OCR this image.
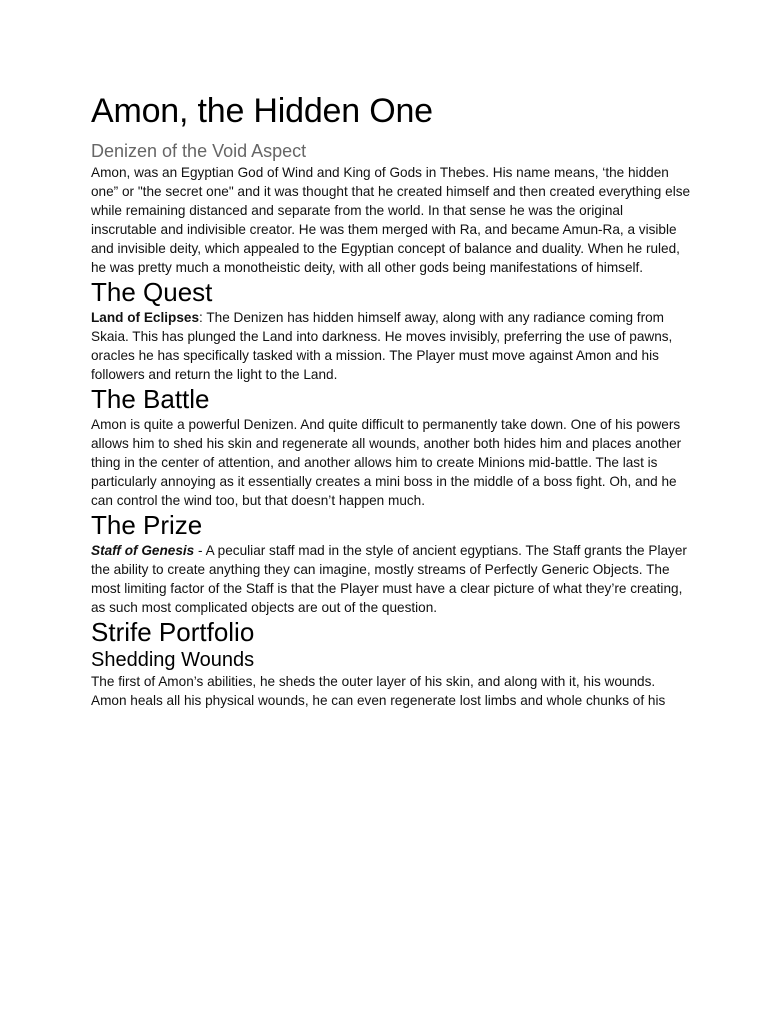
Amon, the Hidden One
Denizen of the Void Aspect

Amon, was an Egyptian God of Wind and King of Gods in Thebes. His name means, ‘the hidden one” or "the secret one" and it was thought that he created himself and then created everything else while remaining distanced and separate from the world. In that sense he was the original inscrutable and indivisible creator. He was them merged with Ra, and became Amun-Ra, a visible and invisible deity, which appealed to the Egyptian concept of balance and duality. When he ruled, he was pretty much a monotheistic deity, with all other gods being manifestations of himself.

The Quest

Land of Eclipses: The Denizen has hidden himself away, along with any radiance coming from Skaia. This has plunged the Land into darkness. He moves invisibly, preferring the use of pawns, oracles he has specifically tasked with a mission. The Player must move against Amon and his followers and return the light to the Land.

The Battle

Amon is quite a powerful Denizen. And quite difficult to permanently take down. One of his powers allows him to shed his skin and regenerate all wounds, another both hides him and places another thing in the center of attention, and another allows him to create Minions mid-battle. The last is particularly annoying as it essentially creates a mini boss in the middle of a boss fight. Oh, and he can control the wind too, but that doesn’t happen much.

The Prize

Staff of Genesis - A peculiar staff mad in the style of ancient egyptians. The Staff grants the Player the ability to create anything they can imagine, mostly streams of Perfectly Generic Objects. The most limiting factor of the Staff is that the Player must have a clear picture of what they’re creating, as such most complicated objects are out of the question.

Strife Portfolio
Shedding Wounds

The first of Amon’s abilities, he sheds the outer layer of his skin, and along with it, his wounds. Amon heals all his physical wounds, he can even regenerate lost limbs and whole chunks of his
